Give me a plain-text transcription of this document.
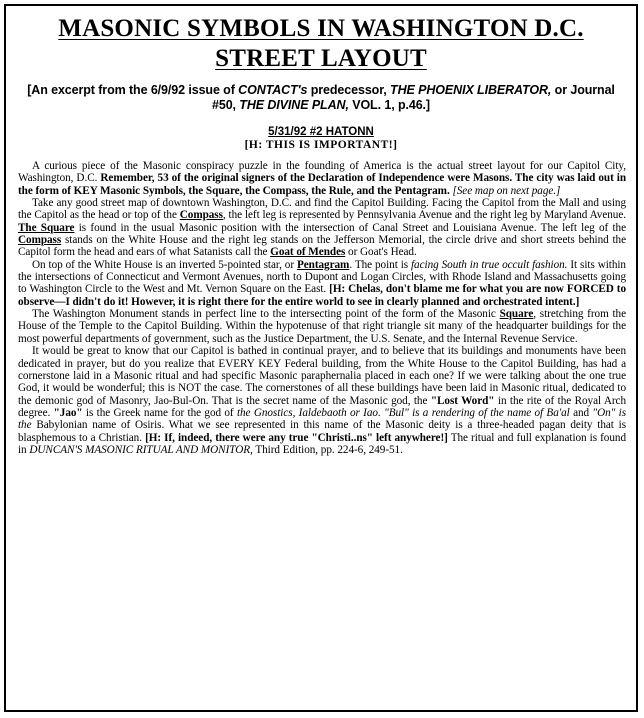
MASONIC SYMBOLS IN WASHINGTON D.C.
STREET LAYOUT
[An excerpt from the 6/9/92 issue of CONTACT's predecessor, THE PHOENIX LIBERATOR, or Journal #50, THE DIVINE PLAN, VOL. 1, p.46.]
5/31/92 #2 HATONN
[H: THIS IS IMPORTANT!]

A curious piece of the Masonic conspiracy puzzle in the founding of America is the actual street layout for our Capitol City, Washington, D.C. Remember, 53 of the original signers of the Declaration of Independence were Masons. The city was laid out in the form of KEY Masonic Symbols, the Square, the Compass, the Rule, and the Pentagram. [See map on next page.]

Take any good street map of downtown Washington, D.C. and find the Capitol Building. Facing the Capitol from the Mall and using the Capitol as the head or top of the Compass, the left leg is represented by Pennsylvania Avenue and the right leg by Maryland Avenue. The Square is found in the usual Masonic position with the intersection of Canal Street and Louisiana Avenue. The left leg of the Compass stands on the White House and the right leg stands on the Jefferson Memorial, the circle drive and short streets behind the Capitol form the head and ears of what Satanists call the Goat of Mendes or Goat's Head.

On top of the White House is an inverted 5-pointed star, or Pentagram. The point is facing South in true occult fashion. It sits within the intersections of Connecticut and Vermont Avenues, north to Dupont and Logan Circles, with Rhode Island and Massachusetts going to Washington Circle to the West and Mt. Vernon Square on the East. [H: Chelas, don't blame me for what you are now FORCED to observe—I didn't do it! However, it is right there for the entire world to see in clearly planned and orchestrated intent.]

The Washington Monument stands in perfect line to the intersecting point of the form of the Masonic Square, stretching from the House of the Temple to the Capitol Building. Within the hypotenuse of that right triangle sit many of the headquarter buildings for the most powerful departments of government, such as the Justice Department, the U.S. Senate, and the Internal Revenue Service.

It would be great to know that our Capitol is bathed in continual prayer, and to believe that its buildings and monuments have been dedicated in prayer, but do you realize that EVERY KEY Federal building, from the White House to the Capitol Building, has had a cornerstone laid in a Masonic ritual and had specific Masonic paraphernalia placed in each one? If we were talking about the one true God, it would be wonderful; this is NOT the case. The cornerstones of all these buildings have been laid in Masonic ritual, dedicated to the demonic god of Masonry, Jao-Bul-On. That is the secret name of the Masonic god, the "Lost Word" in the rite of the Royal Arch degree. "Jao" is the Greek name for the god of the Gnostics, Ialdebaoth or Iao. "Bul" is a rendering of the name of Ba'al and "On" is the Babylonian name of Osiris. What we see represented in this name of the Masonic deity is a three-headed pagan deity that is blasphemous to a Christian. [H: If, indeed, there were any true "Christi..ns" left anywhere!] The ritual and full explanation is found in DUNCAN'S MASONIC RITUAL AND MONITOR, Third Edition, pp. 224-6, 249-51.
